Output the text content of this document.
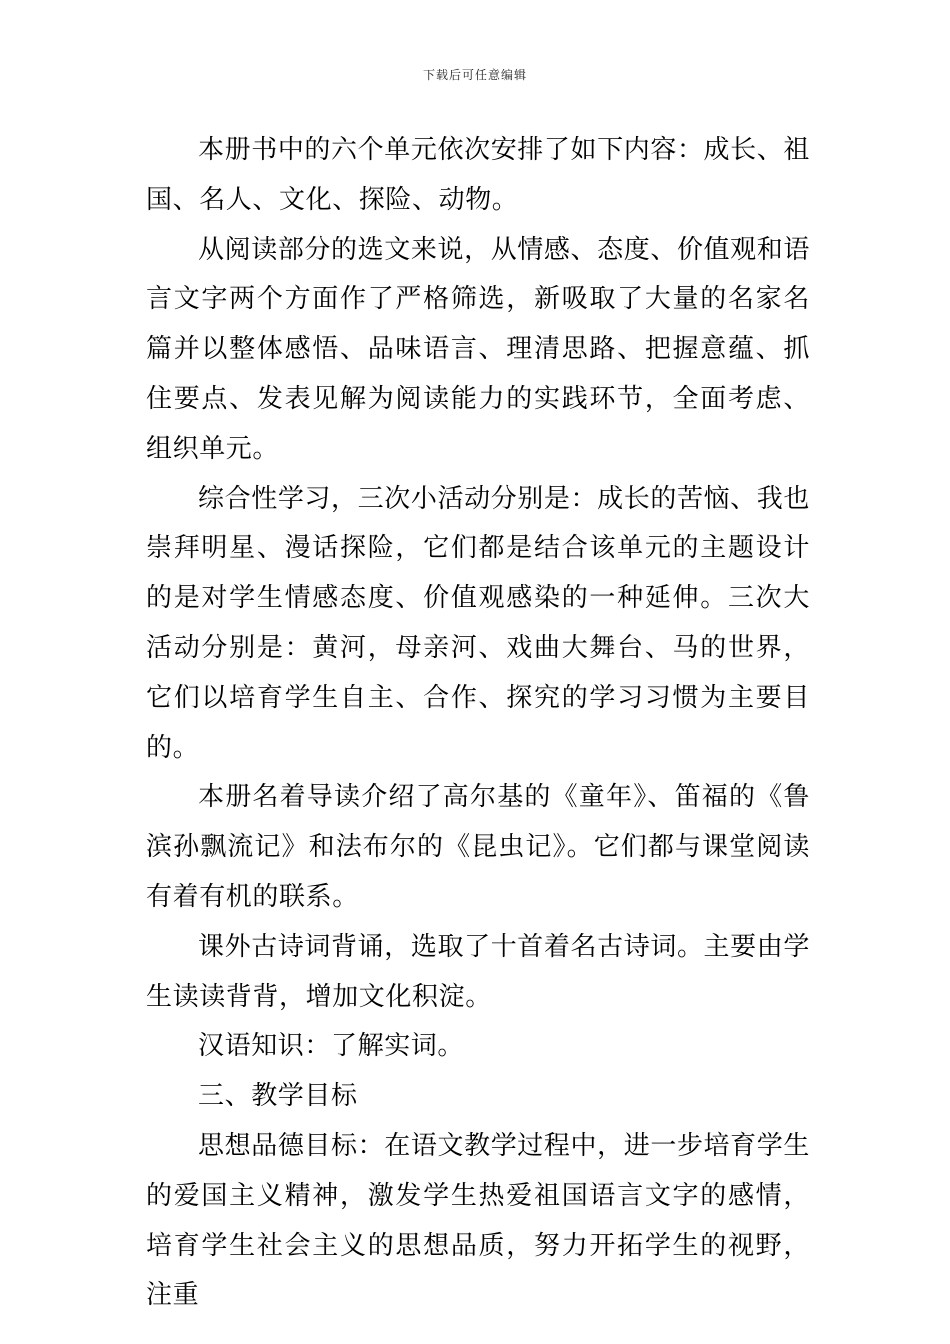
下载后可任意编辑

本册书中的六个单元依次安排了如下内容：成长、祖国、名人、文化、探险、动物。

从阅读部分的选文来说，从情感、态度、价值观和语言文字两个方面作了严格筛选，新吸取了大量的名家名篇并以整体感悟、品味语言、理清思路、把握意蕴、抓住要点、发表见解为阅读能力的实践环节，全面考虑、组织单元。

综合性学习，三次小活动分别是：成长的苦恼、我也崇拜明星、漫话探险，它们都是结合该单元的主题设计的是对学生情感态度、价值观感染的一种延伸。三次大活动分别是：黄河，母亲河、戏曲大舞台、马的世界，它们以培育学生自主、合作、探究的学习习惯为主要目的。

本册名着导读介绍了高尔基的《童年》、笛福的《鲁滨孙飘流记》和法布尔的《昆虫记》。它们都与课堂阅读有着有机的联系。

课外古诗词背诵，选取了十首着名古诗词。主要由学生读读背背，增加文化积淀。

汉语知识：了解实词。

三、教学目标

思想品德目标：在语文教学过程中，进一步培育学生的爱国主义精神，激发学生热爱祖国语言文字的感情，培育学生社会主义的思想品质，努力开拓学生的视野，注重
